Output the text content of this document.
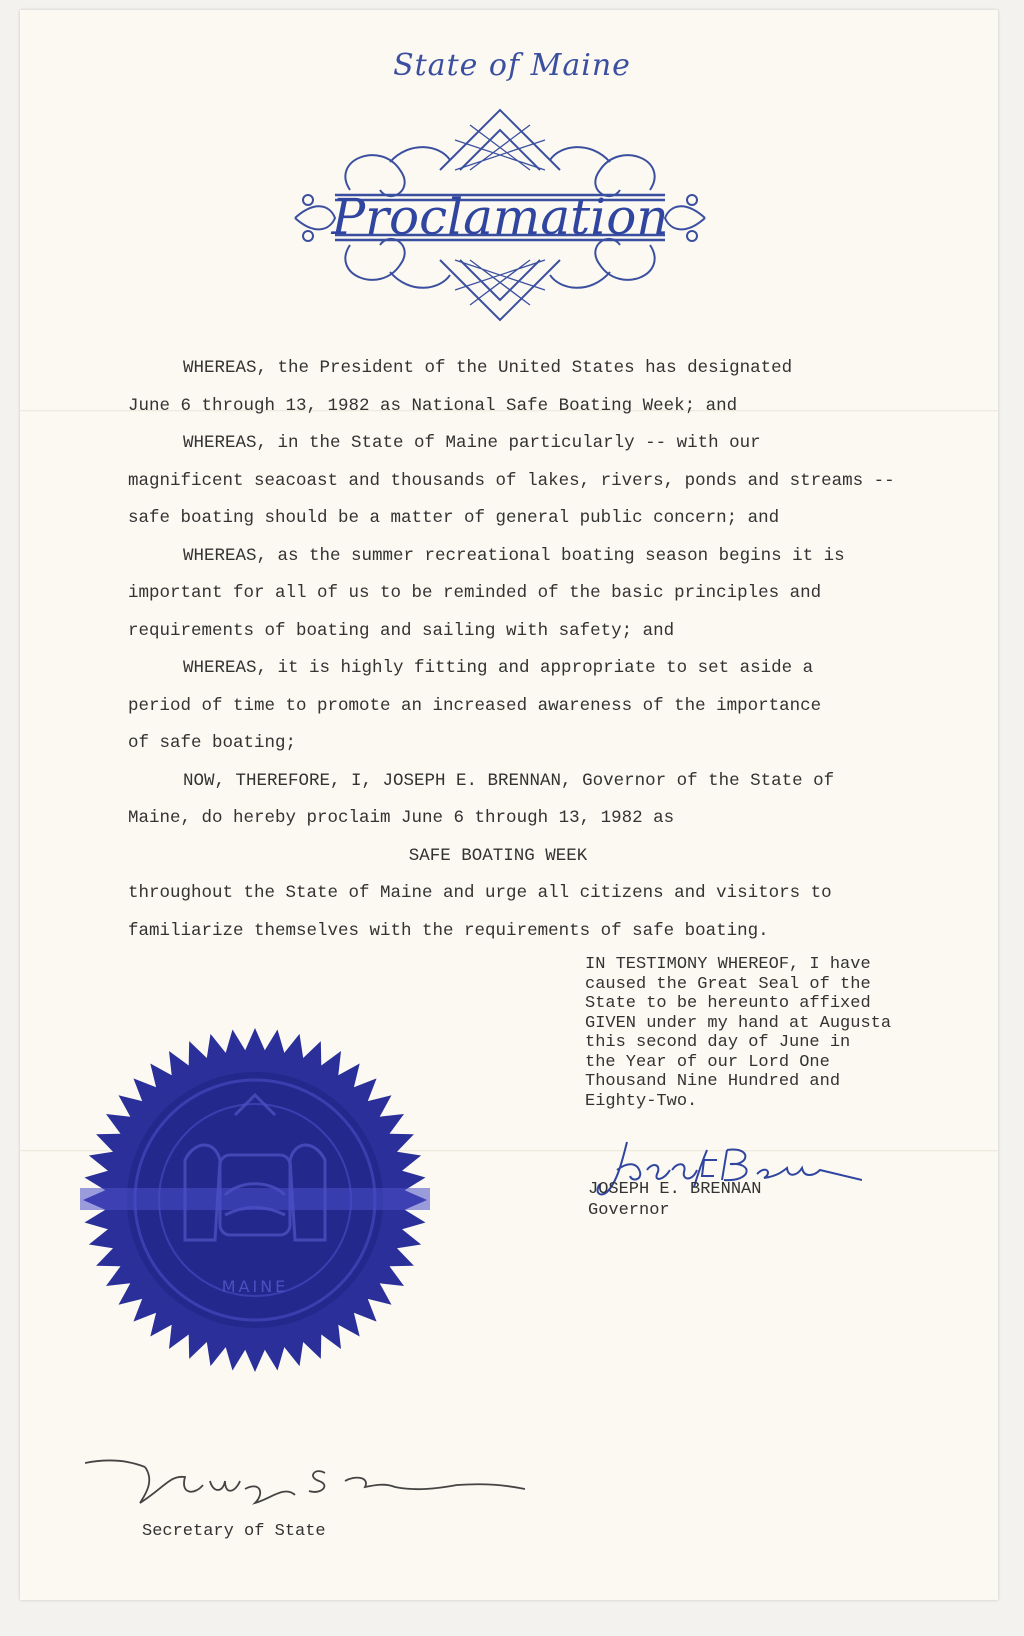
State of Maine
Proclamation

WHEREAS, the President of the United States has designated

June 6 through 13, 1982 as National Safe Boating Week; and

WHEREAS, in the State of Maine particularly -- with our

magnificent seacoast and thousands of lakes, rivers, ponds and streams --

safe boating should be a matter of general public concern; and

WHEREAS, as the summer recreational boating season begins it is

important for all of us to be reminded of the basic principles and

requirements of boating and sailing with safety; and

WHEREAS, it is highly fitting and appropriate to set aside a

period of time to promote an increased awareness of the importance

of safe boating;

NOW, THEREFORE, I, JOSEPH E. BRENNAN, Governor of the State of

Maine, do hereby proclaim June 6 through 13, 1982 as

SAFE BOATING WEEK

throughout the State of Maine and urge all citizens and visitors to

familiarize themselves with the requirements of safe boating.

IN TESTIMONY WHEREOF, I have
caused the Great Seal of the
State to be hereunto affixed
GIVEN under my hand at Augusta
this second day of June in
the Year of our Lord One
Thousand Nine Hundred and
Eighty-Two.
MAINE
Joseph E Brennan
JOSEPH E. BRENNAN
Governor
Rodney S. Quinn
Secretary of State
